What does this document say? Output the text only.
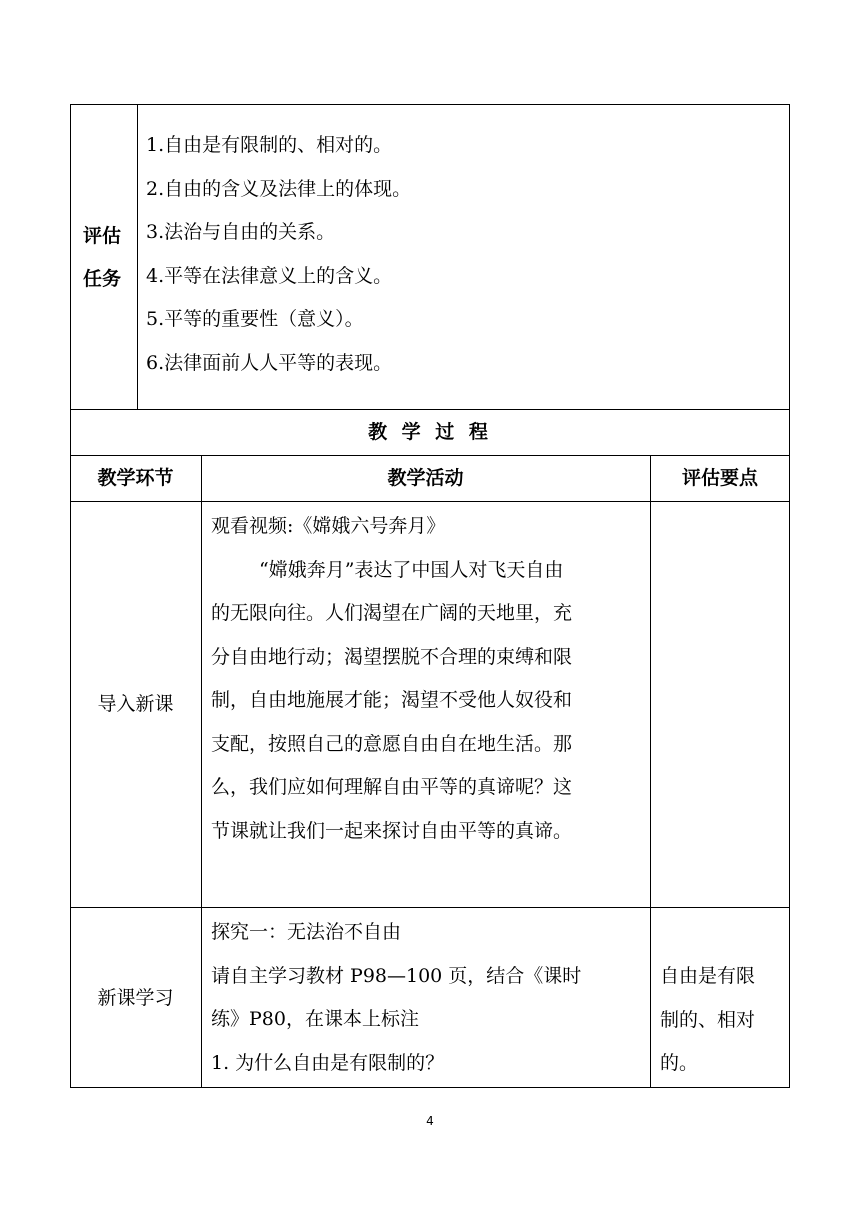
评估
任务

1.自由是有限制的、相对的。

2.自由的含义及法律上的体现。

3.法治与自由的关系。

4.平等在法律意义上的含义。

5.平等的重要性（意义）。

6.法律面前人人平等的表现。

教 学 过 程
教学环节	教学活动	评估要点
导入新课

观看视频:《嫦娥六号奔月》

“嫦娥奔月”表达了中国人对飞天自由

的无限向往。人们渴望在广阔的天地里，充

分自由地行动；渴望摆脱不合理的束缚和限

制，自由地施展才能；渴望不受他人奴役和

支配，按照自己的意愿自由自在地生活。那

么，我们应如何理解自由平等的真谛呢？这

节课就让我们一起来探讨自由平等的真谛。

新课学习

探究一：无法治不自由

请自主学习教材 P98—100 页，结合《课时

练》P80，在课本上标注

1. 为什么自由是有限制的？

自由是有限

制的、相对

的。

4
